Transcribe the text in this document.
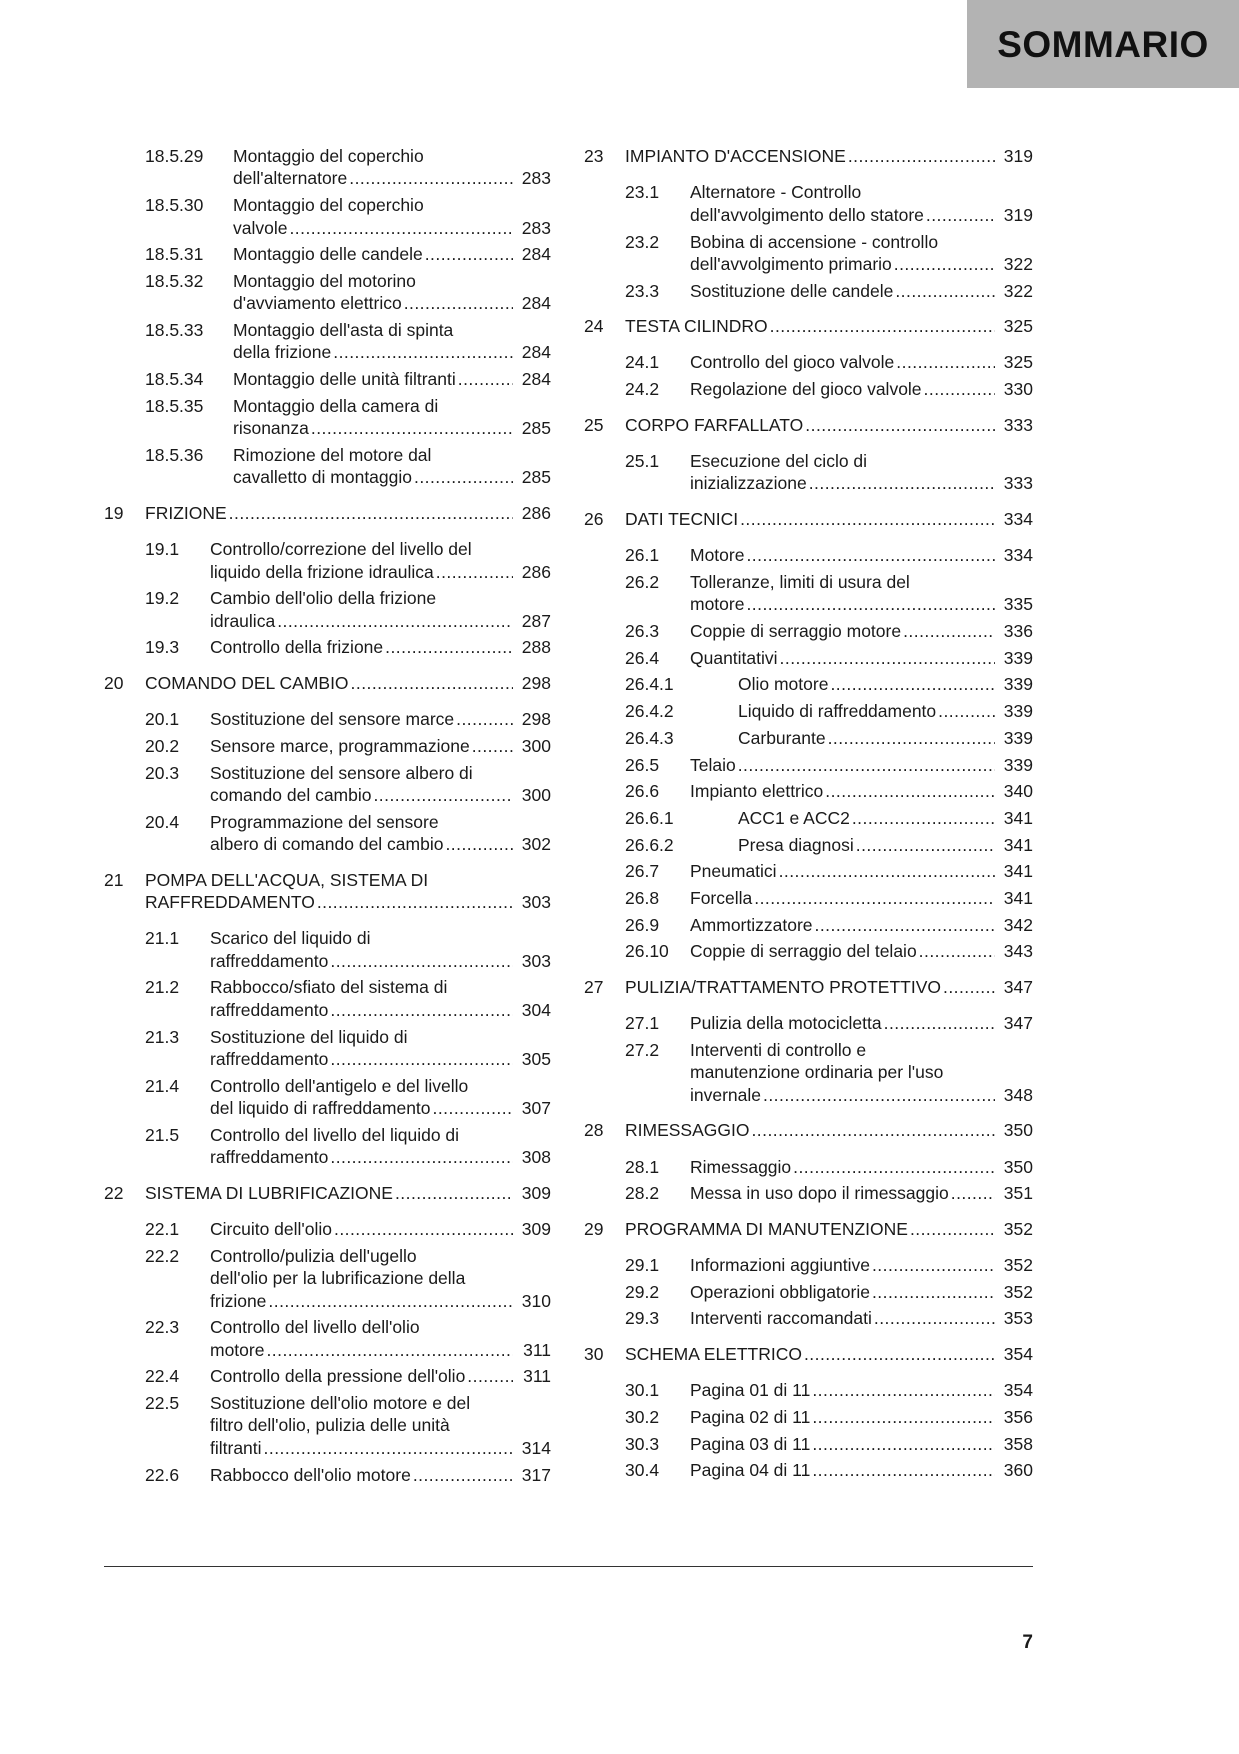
SOMMARIO
18.5.29	Montaggio del coperchio
dell'alternatore . . .	283
18.5.30	Montaggio del coperchio
valvole . . .	283
18.5.31	Montaggio delle candele . . .	284
18.5.32	Montaggio del motorino
d'avviamento elettrico . . .	284
18.5.33	Montaggio dell'asta di spinta
della frizione . . .	284
18.5.34	Montaggio delle unità filtranti . . .	284
18.5.35	Montaggio della camera di
risonanza . . .	285
18.5.36	Rimozione del motore dal
cavalletto di montaggio . . .	285
19	FRIZIONE . . .	286
19.1	Controllo/correzione del livello del
liquido della frizione idraulica . . .	286
19.2	Cambio dell'olio della frizione
idraulica . . .	287
19.3	Controllo della frizione . . .	288
20	COMANDO DEL CAMBIO . . .	298
20.1	Sostituzione del sensore marce . . .	298
20.2	Sensore marce, programmazione . . .	300
20.3	Sostituzione del sensore albero di
comando del cambio . . .	300
20.4	Programmazione del sensore
albero di comando del cambio . . .	302
21	POMPA DELL'ACQUA, SISTEMA DI
RAFFREDDAMENTO . . .	303
21.1	Scarico del liquido di
raffreddamento . . .	303
21.2	Rabbocco/sfiato del sistema di
raffreddamento . . .	304
21.3	Sostituzione del liquido di
raffreddamento . . .	305
21.4	Controllo dell'antigelo e del livello
del liquido di raffreddamento . . .	307
21.5	Controllo del livello del liquido di
raffreddamento . . .	308
22	SISTEMA DI LUBRIFICAZIONE . . .	309
22.1	Circuito dell'olio . . .	309
22.2	Controllo/pulizia dell'ugello
dell'olio per la lubrificazione della
frizione . . .	310
22.3	Controllo del livello dell'olio
motore . . .	311
22.4	Controllo della pressione dell'olio . . .	311
22.5	Sostituzione dell'olio motore e del
filtro dell'olio, pulizia delle unità
filtranti . . .	314
22.6	Rabbocco dell'olio motore . . .	317
23	IMPIANTO D'ACCENSIONE . . .	319
23.1	Alternatore - Controllo
dell'avvolgimento dello statore . . .	319
23.2	Bobina di accensione - controllo
dell'avvolgimento primario . . .	322
23.3	Sostituzione delle candele . . .	322
24	TESTA CILINDRO . . .	325
24.1	Controllo del gioco valvole . . .	325
24.2	Regolazione del gioco valvole . . .	330
25	CORPO FARFALLATO . . .	333
25.1	Esecuzione del ciclo di
inizializzazione . . .	333
26	DATI TECNICI . . .	334
26.1	Motore . . .	334
26.2	Tolleranze, limiti di usura del
motore . . .	335
26.3	Coppie di serraggio motore . . .	336
26.4	Quantitativi . . .	339
26.4.1	Olio motore . . .	339
26.4.2	Liquido di raffreddamento . . .	339
26.4.3	Carburante . . .	339
26.5	Telaio . . .	339
26.6	Impianto elettrico . . .	340
26.6.1	ACC1 e ACC2 . . .	341
26.6.2	Presa diagnosi . . .	341
26.7	Pneumatici . . .	341
26.8	Forcella . . .	341
26.9	Ammortizzatore . . .	342
26.10	Coppie di serraggio del telaio . . .	343
27	PULIZIA/TRATTAMENTO PROTETTIVO . . .	347
27.1	Pulizia della motocicletta . . .	347
27.2	Interventi di controllo e
manutenzione ordinaria per l'uso
invernale . . .	348
28	RIMESSAGGIO . . .	350
28.1	Rimessaggio . . .	350
28.2	Messa in uso dopo il rimessaggio . . .	351
29	PROGRAMMA DI MANUTENZIONE . . .	352
29.1	Informazioni aggiuntive . . .	352
29.2	Operazioni obbligatorie . . .	352
29.3	Interventi raccomandati . . .	353
30	SCHEMA ELETTRICO . . .	354
30.1	Pagina 01 di 11 . . .	354
30.2	Pagina 02 di 11 . . .	356
30.3	Pagina 03 di 11 . . .	358
30.4	Pagina 04 di 11 . . .	360
7
